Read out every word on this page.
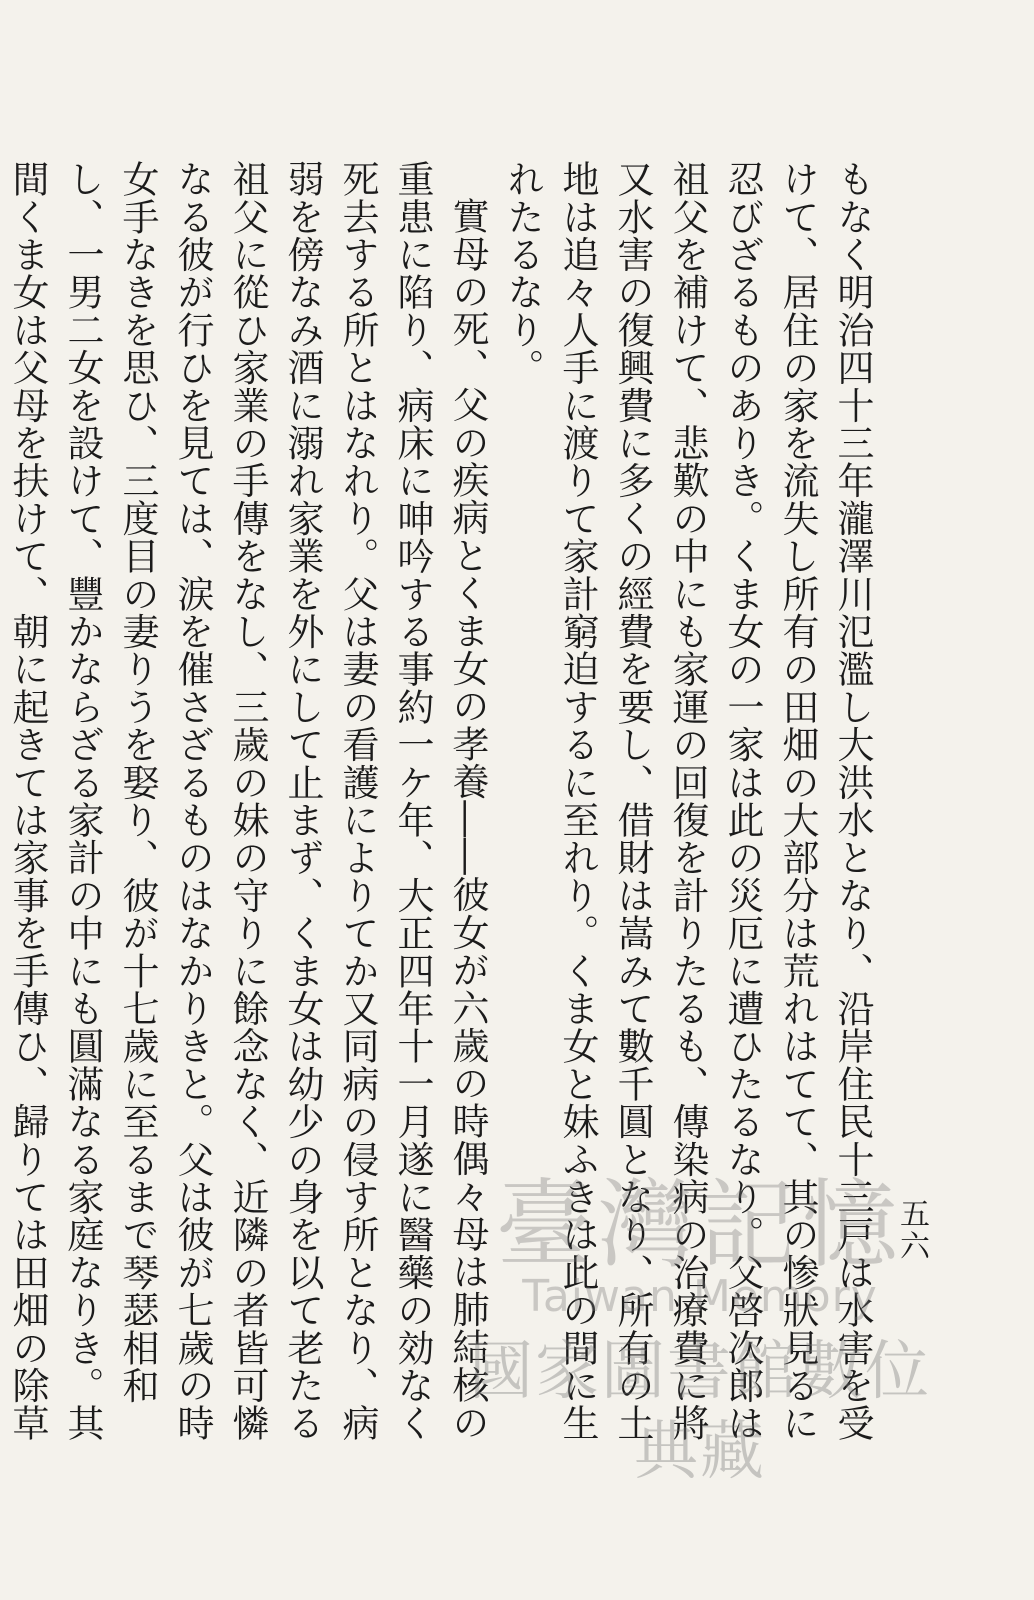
五六

もなく明治四十三年瀧澤川氾濫し大洪水となり、沿岸住民十三戸は水害を受けて、居住の家を流失し所有の田畑の大部分は荒れはてて、其の惨狀見るに忍びざるものありき。くま女の一家は此の災厄に遭ひたるなり。父啓次郎は祖父を補けて、悲歎の中にも家運の回復を計りたるも、傳染病の治療費に將又水害の復興費に多くの經費を要し、借財は嵩みて數千圓となり、所有の土地は追々人手に渡りて家計窮迫するに至れり。くま女と妹ふきは此の間に生れたるなり。

實母の死、父の疾病とくま女の孝養――彼女が六歲の時偶々母は肺結核の重患に陷り、病床に呻吟する事約一ケ年、大正四年十一月遂に醫藥の効なく死去する所とはなれり。父は妻の看護によりてか又同病の侵す所となり、病弱を傍なみ酒に溺れ家業を外にして止まず、くま女は幼少の身を以て老たる祖父に從ひ家業の手傳をなし、三歲の妹の守りに餘念なく、近隣の者皆可憐なる彼が行ひを見ては、涙を催さざるものはなかりきと。父は彼が七歲の時女手なきを思ひ、三度目の妻りうを娶り、彼が十七歲に至るまで琴瑟相和し、一男二女を設けて、豐かならざる家計の中にも圓滿なる家庭なりき。其間くま女は父母を扶けて、朝に起きては家事を手傳ひ、歸りては田畑の除草

臺灣記憶
Taiwan Memory
國家圖書館數位典藏
